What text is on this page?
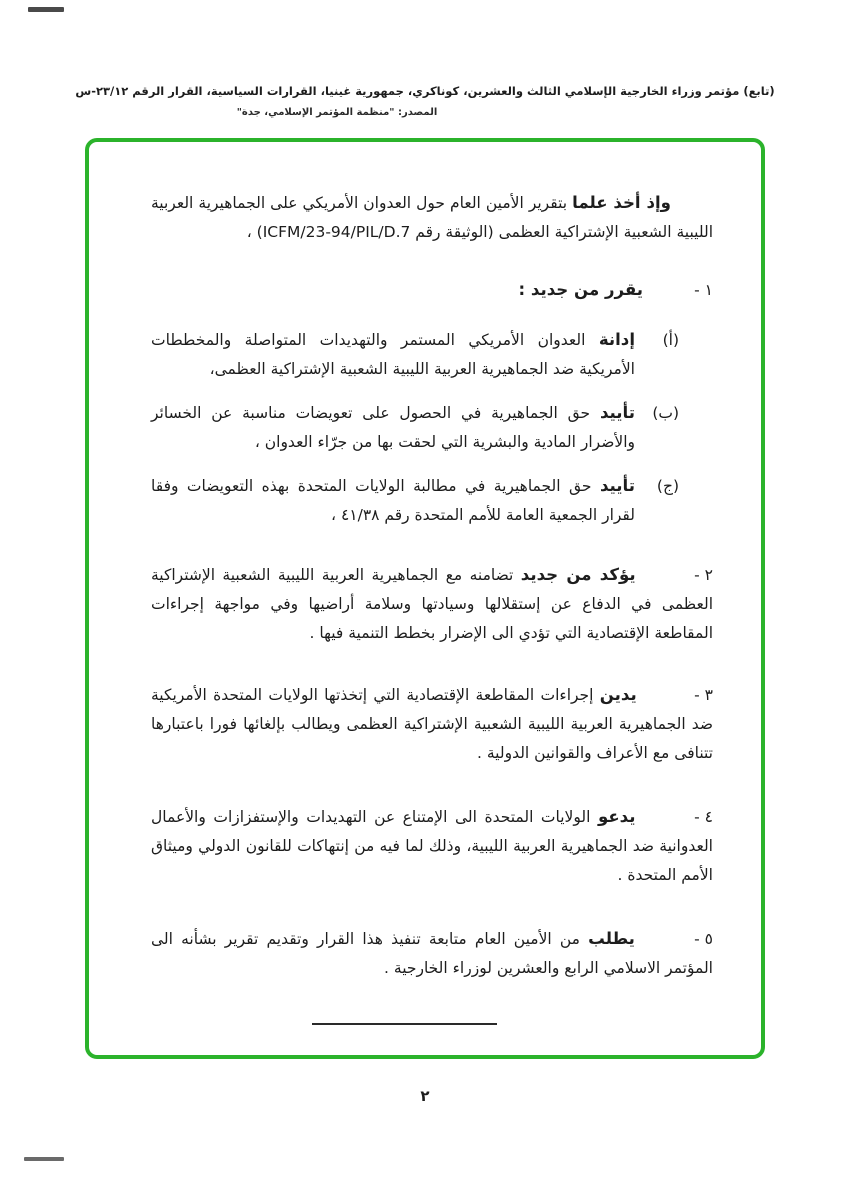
(تابع) مؤتمر وزراء الخارجية الإسلامي الثالث والعشرين، كوناكري، جمهورية غينيا، القرارات السياسية، القرار الرقم ٢٣/١٢-س
المصدر: "منظمة المؤتمر الإسلامي، جدة"

وإذ أخذ علما بتقرير الأمين العام حول العدوان الأمريكي على الجماهيرية العربية الليبية الشعبية الإشتراكية العظمى (الوثيقة رقم ICFM/23-94/PIL/D.7) ،

١ -
يقرر من جديد :
(أ)

إدانة العدوان الأمريكي المستمر والتهديدات المتواصلة والمخططات الأمريكية ضد الجماهيرية العربية الليبية الشعبية الإشتراكية العظمى،

(ب)

تأييد حق الجماهيرية في الحصول على تعويضات مناسبة عن الخسائر والأضرار المادية والبشرية التي لحقت بها من جرّاء العدوان ،

(ج)

تأييد حق الجماهيرية في مطالبة الولايات المتحدة بهذه التعويضات وفقا لقرار الجمعية العامة للأمم المتحدة رقم ٤١/٣٨ ،

٢ - يؤكد من جديد تضامنه مع الجماهيرية العربية الليبية الشعبية الإشتراكية العظمى في الدفاع عن إستقلالها وسيادتها وسلامة أراضيها وفي مواجهة إجراءات المقاطعة الإقتصادية التي تؤدي الى الإضرار بخطط التنمية فيها .

٣ - يدين إجراءات المقاطعة الإقتصادية التي إتخذتها الولايات المتحدة الأمريكية ضد الجماهيرية العربية الليبية الشعبية الإشتراكية العظمى ويطالب بإلغائها فورا باعتبارها تتنافى مع الأعراف والقوانين الدولية .

٤ - يدعو الولايات المتحدة الى الإمتناع عن التهديدات والإستفزازات والأعمال العدوانية ضد الجماهيرية العربية الليبية، وذلك لما فيه من إنتهاكات للقانون الدولي وميثاق الأمم المتحدة .

٥ - يطلب من الأمين العام متابعة تنفيذ هذا القرار وتقديم تقرير بشأنه الى المؤتمر الاسلامي الرابع والعشرين لوزراء الخارجية .

٢
